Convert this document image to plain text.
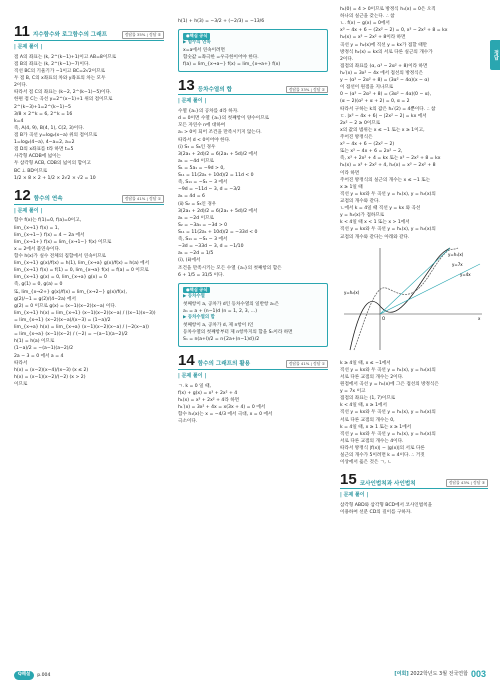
정답
11 지수함수와 로그함수의 그래프	정답률 35% | 정답 ⑤
| 문제 풀이 |
점 A의 좌표는 (k, 2^(k−1)+1)이고 AB=8이므로
점 B의 좌표는 (k, 2^(k−1)−7)이다.
직선 BC의 기울기가 −1이고 BC=2√2이므로
두 점 B, C의 x좌표의 차와 y좌표의 차는 모두
2이다.
따라서 점 C의 좌표는 (k−2, 2^(k−1)−5)이다.
한편 점 C는 곡선 y=2^(x−1)+1 위의 점이므로
2^(k−3)+1=2^(k−1)−5
3/8 × 2^k = 6, 2^k = 16
k=4
즉, A(4, 9), B(4, 1), C(2, 3)이다.
점 B가 곡선 y=log₂(x−a) 위의 점이므로
1=log₂(4−a), 4−a=2, a=2
점 D의 x좌표를 t라 하면 t=5
사각형 ACDB에 넓이는
두 삼각형 ACB, CDB의 넓이의 합이고
BC ⊥ BD이므로
1/2 × 8 × 2 + 1/2 × 2√2 × √2 = 10
12 함수의 연속	정답률 41% | 정답 ①
| 문제 풀이 |
함수 f(x)는 f(1)=0, f(a)=0이고,
lim_{x→1} f(x) = 1,
lim_{x→1−} f(x) = 4 − 2a 에서
lim_{x→1+} f(x) = lim_{x→1−} f(x) 이므로
x = 2에서 불연속이다.
함수 h(x)가 실수 전체의 집합에서 연속이므로
lim_{x→1} g(x)/f(x) = h(1), lim_{x→a} g(x)/f(x) = h(a) 에서
lim_{x→1} f(x) = f(1) = 0, lim_{x→a} f(x) = f(a) = 0 이므로
lim_{x→1} g(x) = 0, lim_{x→a} g(x) = 0
즉, g(1) = 0, g(a) = 0
또, lim_{x→2+} g(x)/f(x) = lim_{x→2−} g(x)/f(x),
g(2)/−1 = g(2)/(4−2a) 에서
g(2) = 0 이므로 g(x) = (x−1)(x−2)(x−a) 이다.
lim_{x→1} h(x) = lim_{x→1} (x−1)(x−2)(x−a) / ((x−1)(x−3))
= lim_{x→1} (x−2)(x−a)/(x−3) = (1−a)/2
lim_{x→a} h(x) = lim_{x→a} (x−1)(x−2)(x−a) / (−2(x−a))
= lim_{x→a} (x−1)(x−2) / (−2) = −(a−1)(a−2)/2
h(1) = h(a) 이므로
(1−a)/2 = −(a−1)(a−2)/2
2a − 3 = 0 에서 a = 4
따라서
h(x) = (x−2)(x−4)/(x−3) (x ≤ 2)
h(x) = (x−1)(x−2)/(−2) (x > 2)
이므로
h(1) + h(3) = −3/2 + (−2/3) = −13/6
●핵심 공식
▶ 함수의 연속
x=a에서 연속이려면
함숫값 =좌극한 =우극한이어야 한다.
f(a) = lim_{x→a−} f(x) = lim_{x→a+} f(x)
13 등차수열의 합	정답률 33% | 정답 ②
| 문제 풀이 |
수열 {aₙ}의 공차를 d라 하자.
d = 0이면 수열 {aₙ}의 첫째항이 양수이므로
모든 자연수 n에 대하여
aₙ > 0이 되어 조건을 만족시키지 않는다.
따라서 d < 0이어야 한다.
(ⅰ) S₃ = S₆인 경우
3(2a₁ + 2d)/2 = 6(2a₁ + 5d)/2 에서
a₁ = −4d 이므로
S₁ = 5a₁ = −9d > 0,
S₁₁ = 11(2a₁ + 10d)/2 = 11d < 0
즉, S₁₁ = −S₁ − 3 에서
−9d = −11d − 3, d = −3/2
a₁ = 4d = 6
(ⅱ) S₂ = S₅인 경우
3(2a₁ + 2d)/2 = 6(2a₁ + 5d)/2 에서
a₁ = −2d 이므로
S₂ = −3a₁ = −3d > 0
S₁₁ = 11(2a₁ + 10d)/2 = −33d < 0
즉, S₁₁ = −S₁ − 3 에서
−3d = −33d − 3, d = −1/10
a₁ = −2d = 1/5
(ⅰ), (ⅱ)에서
조건을 만족시키는 모든 수열 {aₙ}의 첫째항의 합은
6 + 1/5 = 31/5 이다.
●핵심 공식
▶ 등차수열
첫째항이 a, 공차가 d인 등차수열의 일반항 aₙ은
aₙ = a + (n−1)d (n = 1, 2, 3, …)
▶ 등차수열의 합
첫째항이 a, 공차가 d, 제 n항이 l인
등차수열의 첫째항부터 제 n항까지의 합을 Sₙ이라 하면
Sₙ = n(a+l)/2 = n{2a+(n−1)d}/2
14 함수의 그래프의 활용	정답률 41% | 정답 ①
| 문제 풀이 |
ㄱ. k = 0 일 때,
f(x) + g(x) = x³ + 2x² + 4
h₁(x) = x³ + 2x² + 4라 하면
h₁′(x) = 3x² + 4x = x(3x + 4) = 0 에서
함수 h₁(x)는 x = −4/3 에서 극대, x = 0 에서
극소이다.
h₁(0) = 4 > 0이므로 방정식 h₁(x) = 0은 오직
하나의 실근을 갖는다. ∴ 참
ㄴ. f(x) − g(x) = 0에서
x³ − 4x + 6 − (2x² − 2) = 0, x³ − 2x² + 8 = kx
h₂(x) = x³ − 2x² + 8이라 하면
곡선 y = h₂(x)에 직선 y = kx가 접할 때만
방정식 h₂(x) = kx의 서로 다른 실근의 개수가
2이다.
접점의 좌표를 (α, α³ − 2α² + 8)이라 하면
h₂′(x) = 3x² − 4x 에서 접선의 방정식은
y − (α³ − 2α² + 8) = (3α² − 4α)(x − α)
이 접선이 원점을 지나므로
0 − (α³ − 2α² + 8) = (3α² − 4α)(0 − α),
(α − 2)(α² + α + 2) = 0, α = 2
따라서 구하는 k의 값은 h₂′(2) = 4뿐이다. ∴ 참
ㄷ. |x³ − 4x + 6| − |2x² − 2| = kx 에서
2x² − 2 ≥ 0이므로
x의 값의 범위는 x ≤ −1 또는 x ≥ 1이고,
주어진 방정식은
x³ − 4x + 6 − (2x² − 2)
또는 x³ − 4x + 6 = 2x² − 2,
즉, x³ + 2x² + 4 = kx 또는 x³ − 2x² + 8 = kx
h₁(x) = x³ + 2x² + 4, h₂(x) = x³ − 2x² + 8
이라 하면
주어진 방정식의 실근의 개수는 x ≤ −1 또는
x ≥ 1일 때
직선 y = kx와 두 곡선 y = h₁(x), y = h₂(x)의
교점의 개수와 같다.
ㄴ에서 k = 4일 때 직선 y = kx 와 곡선
y = h₂(x)가 접하므로
k < 4일 때 x < 1 또는 x > 1에서
직선 y = kx와 두 곡선 y = h₁(x), y = h₂(x)의
교점의 개수와 같다는 아래와 같다.
y=h₁(x)
y=7x
y=4x
y=h₂(x)
O	x
k ≥ 4일 때, x ≤ −1에서
직선 y = kx와 두 곡선 y = h₁(x), y = h₂(x)의
서로 다른 교점의 개수는 2이다.
원점에서 곡선 y = h₁(x)에 그은 접선의 방정식은
y = 7x 이고
접점의 좌표는 (1, 7)이므로
k < 4일 때, x ≥ 1에서
직선 y = kx와 두 곡선 y = h₁(x), y = h₂(x)의
서로 다른 교점의 개수는 0,
k = 4일 때, x ≥ 1 또는 x ≥ 1에서
직선 y = kx와 두 곡선 y = h₁(x), y = h₂(x)의
서로 다른 교점의 개수는 4이다.
따라서 방정식 |f(x)| − |g(x)|의 서로 다른
실근의 개수가 5이려면 k = 4이다. ∴ 거짓
이상에서 옳은 것은 ㄱ, ㄴ
15 코사인법칙과 사인법칙	정답률 43% | 정답 ③
| 문제 풀이 |
삼각형 ABD와 삼각형 BCD에서 코사인법칙을
이용하여 선분 CD의 길이를 구하자.
Q해설	p.004	[여회] 2022학년도 3월 전국연합 003
